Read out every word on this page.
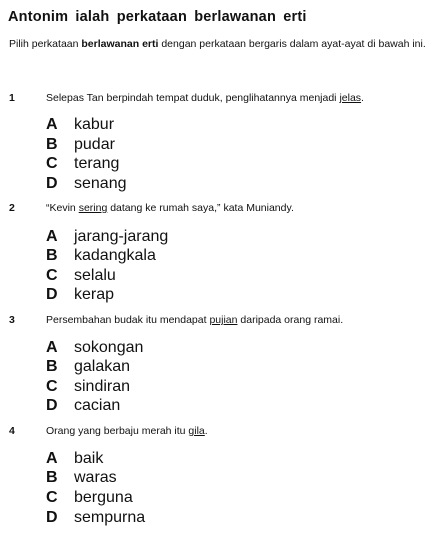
Antonim ialah perkataan berlawanan erti
Pilih perkataan berlawanan erti dengan perkataan bergaris dalam ayat-ayat di bawah ini.
1	Selepas Tan berpindah tempat duduk, penglihatannya menjadi jelas.
A kabur
B pudar
C terang
D senang
2	“Kevin sering datang ke rumah saya,” kata Muniandy.
A jarang-jarang
B kadangkala
C selalu
D kerap
3	Persembahan budak itu mendapat pujian daripada orang ramai.
A sokongan
B galakan
C sindiran
D cacian
4	Orang yang berbaju merah itu gila.
A baik
B waras
C berguna
D sempurna
